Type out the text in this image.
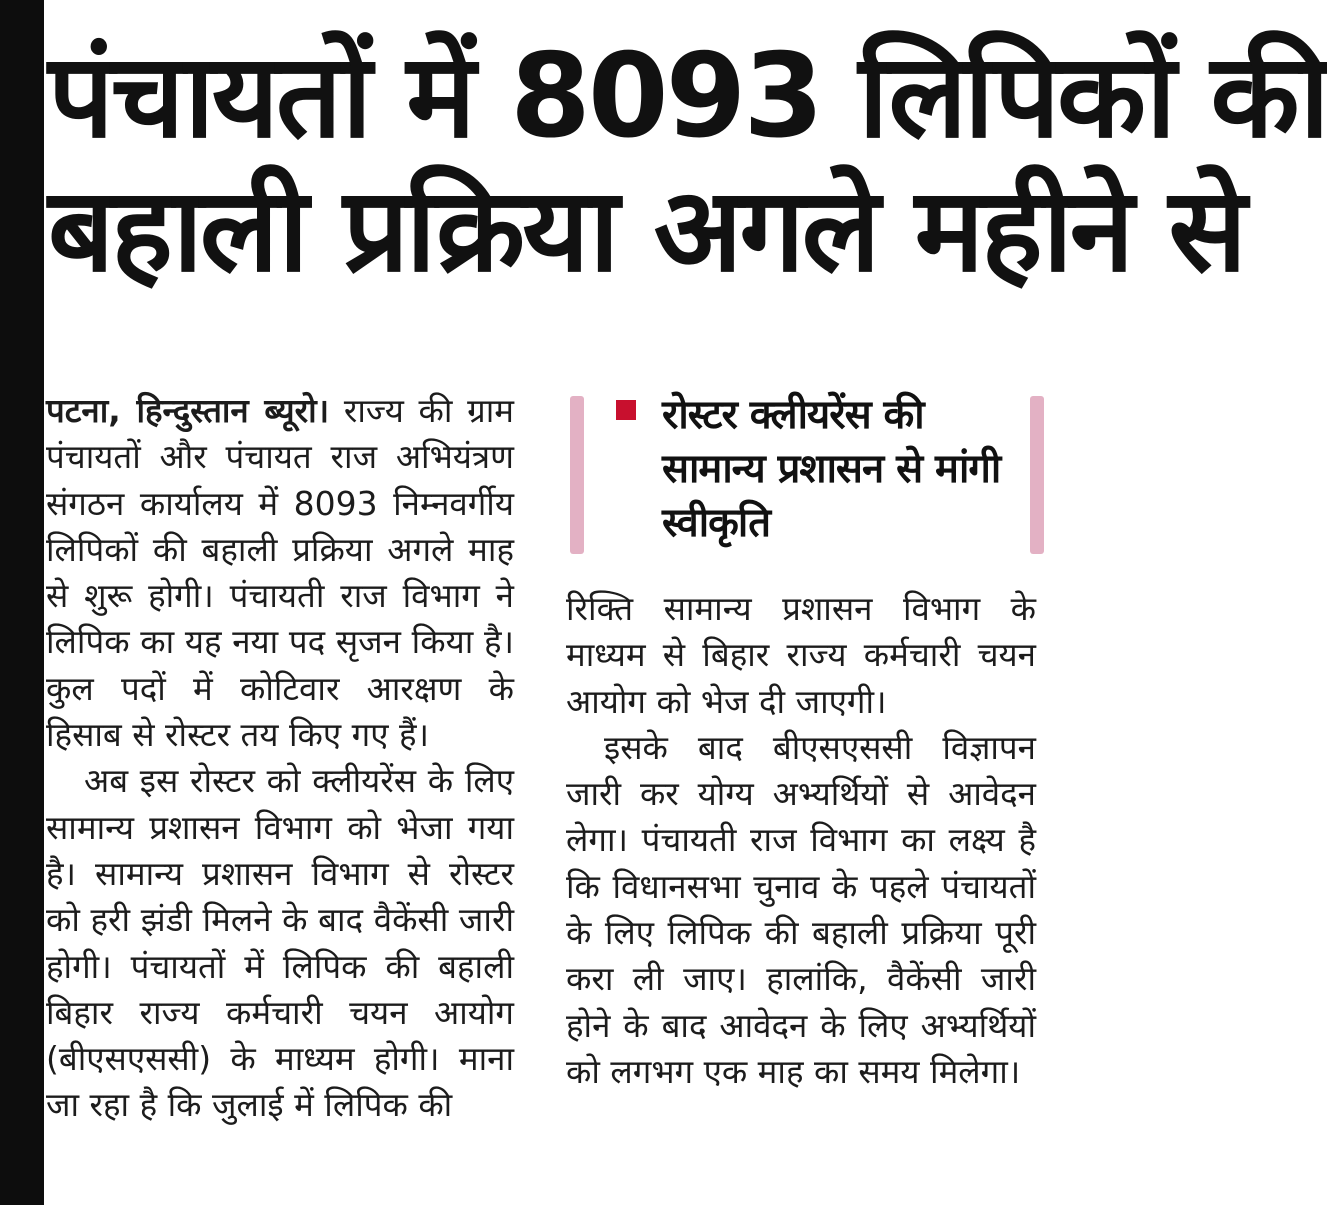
पंचायतों में 8093 लिपिकों की
बहाली प्रक्रिया अगले महीने से

पटना, हिन्दुस्तान ब्यूरो। राज्य की ग्राम पंचायतों और पंचायत राज अभियंत्रण संगठन कार्यालय में 8093 निम्नवर्गीय लिपिकों की बहाली प्रक्रिया अगले माह से शुरू होगी। पंचायती राज विभाग ने लिपिक का यह नया पद सृजन किया है। कुल पदों में कोटिवार आरक्षण के हिसाब से रोस्टर तय किए गए हैं।

अब इस रोस्टर को क्लीयरेंस के लिए सामान्य प्रशासन विभाग को भेजा गया है। सामान्य प्रशासन विभाग से रोस्टर को हरी झंडी मिलने के बाद वैकेंसी जारी होगी। पंचायतों में लिपिक की बहाली बिहार राज्य कर्मचारी चयन आयोग (बीएसएससी) के माध्यम होगी। माना जा रहा है कि जुलाई में लिपिक की

रोस्टर क्लीयरेंस की सामान्य प्रशासन से मांगी स्वीकृति

रिक्ति सामान्य प्रशासन विभाग के माध्यम से बिहार राज्य कर्मचारी चयन आयोग को भेज दी जाएगी।

इसके बाद बीएसएससी विज्ञापन जारी कर योग्य अभ्यर्थियों से आवेदन लेगा। पंचायती राज विभाग का लक्ष्य है कि विधानसभा चुनाव के पहले पंचायतों के लिए लिपिक की बहाली प्रक्रिया पूरी करा ली जाए। हालांकि, वैकेंसी जारी होने के बाद आवेदन के लिए अभ्यर्थियों को लगभग एक माह का समय मिलेगा।
